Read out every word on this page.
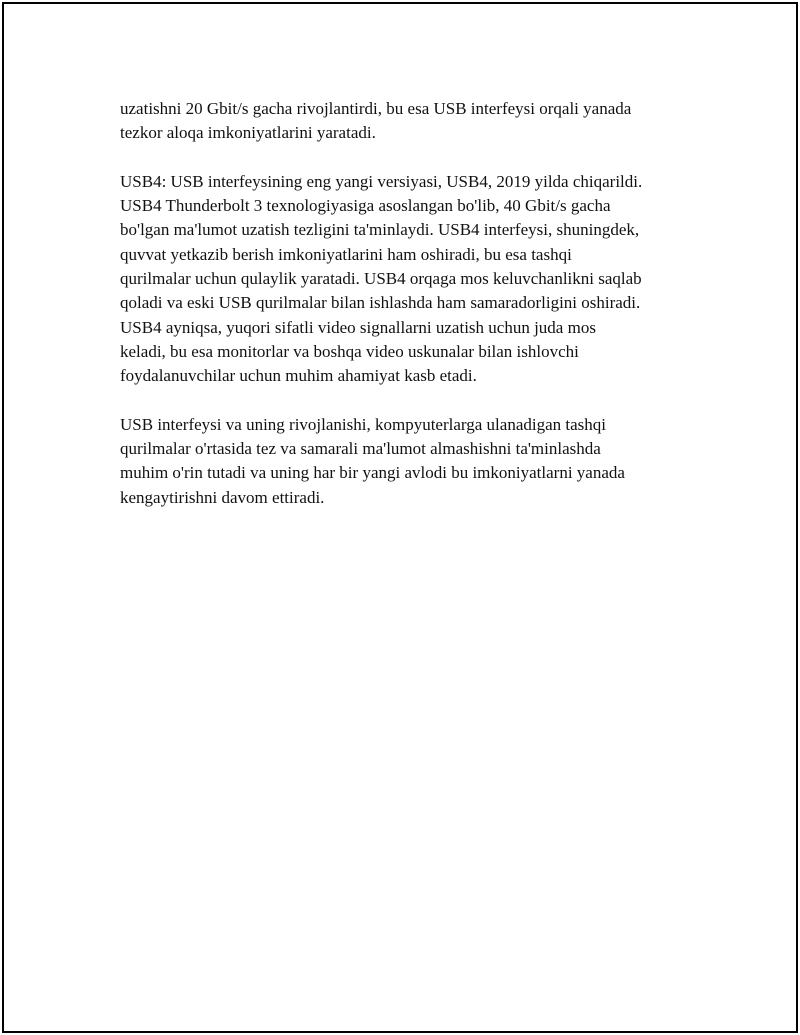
uzatishni 20 Gbit/s gacha rivojlantirdi, bu esa USB interfeysi orqali yanada
tezkor aloqa imkoniyatlarini yaratadi.

USB4: USB interfeysining eng yangi versiyasi, USB4, 2019 yilda chiqarildi.
USB4 Thunderbolt 3 texnologiyasiga asoslangan bo'lib, 40 Gbit/s gacha
bo'lgan ma'lumot uzatish tezligini ta'minlaydi. USB4 interfeysi, shuningdek,
quvvat yetkazib berish imkoniyatlarini ham oshiradi, bu esa tashqi
qurilmalar uchun qulaylik yaratadi. USB4 orqaga mos keluvchanlikni saqlab
qoladi va eski USB qurilmalar bilan ishlashda ham samaradorligini oshiradi.
USB4 ayniqsa, yuqori sifatli video signallarni uzatish uchun juda mos
keladi, bu esa monitorlar va boshqa video uskunalar bilan ishlovchi
foydalanuvchilar uchun muhim ahamiyat kasb etadi.

USB interfeysi va uning rivojlanishi, kompyuterlarga ulanadigan tashqi
qurilmalar o'rtasida tez va samarali ma'lumot almashishni ta'minlashda
muhim o'rin tutadi va uning har bir yangi avlodi bu imkoniyatlarni yanada
kengaytirishni davom ettiradi.
